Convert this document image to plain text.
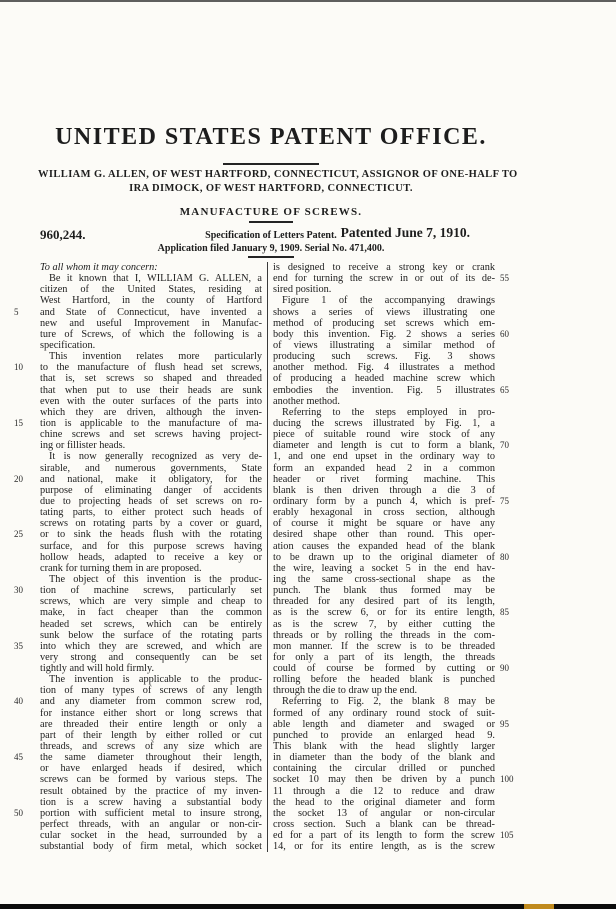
UNITED STATES PATENT OFFICE.
WILLIAM G. ALLEN, OF WEST HARTFORD, CONNECTICUT, ASSIGNOR OF ONE-HALF TO
IRA DIMOCK, OF WEST HARTFORD, CONNECTICUT.
MANUFACTURE OF SCREWS.
960,244.	Specification of Letters Patent. Patented June 7, 1910.
Application filed January 9, 1909. Serial No. 471,400.
To all whom it may concern:
Be it known that I, WILLIAM G. ALLEN, a
citizen of the United States, residing at
West Hartford, in the county of Hartford
5	and State of Connecticut, have invented a
new and useful Improvement in Manufac-
ture of Screws, of which the following is a
specification.
This invention relates more particularly
10	to the manufacture of flush head set screws,
that is, set screws so shaped and threaded
that when put to use their heads are sunk
even with the outer surfaces of the parts into
which they are driven, although the inven-
15	tion is applicable to the manufacture of ma-
chine screws and set screws having project-
ing or fillister heads.
It is now generally recognized as very de-
sirable, and numerous governments, State
20	and national, make it obligatory, for the
purpose of eliminating danger of accidents
due to projecting heads of set screws on ro-
tating parts, to either protect such heads of
screws on rotating parts by a cover or guard,
25	or to sink the heads flush with the rotating
surface, and for this purpose screws having
hollow heads, adapted to receive a key or
crank for turning them in are proposed.
The object of this invention is the produc-
30	tion of machine screws, particularly set
screws, which are very simple and cheap to
make, in fact cheaper than the common
headed set screws, which can be entirely
sunk below the surface of the rotating parts
35	into which they are screwed, and which are
very strong and consequently can be set
tightly and will hold firmly.
The invention is applicable to the produc-
tion of many types of screws of any length
40	and any diameter from common screw rod,
for instance either short or long screws that
are threaded their entire length or only a
part of their length by either rolled or cut
threads, and screws of any size which are
45	the same diameter throughout their length,
or have enlarged heads if desired, which
screws can be formed by various steps. The
result obtained by the practice of my inven-
tion is a screw having a substantial body
50	portion with sufficient metal to insure strong,
perfect threads, with an angular or non-cir-
cular socket in the head, surrounded by a
substantial body of firm metal, which socket
is designed to receive a strong key or crank
55
end for turning the screw in or out of its de-
sired position.
Figure 1 of the accompanying drawings
shows a series of views illustrating one
method of producing set screws which em-
60
body this invention. Fig. 2 shows a series
of views illustrating a similar method of
producing such screws. Fig. 3 shows
another method. Fig. 4 illustrates a method
of producing a headed machine screw which
65
embodies the invention. Fig. 5 illustrates
another method.
Referring to the steps employed in pro-
ducing the screws illustrated by Fig. 1, a
piece of suitable round wire stock of any
70
diameter and length is cut to form a blank,
1, and one end upset in the ordinary way to
form an expanded head 2 in a common
header or rivet forming machine. This
blank is then driven through a die 3 of
75
ordinary form by a punch 4, which is pref-
erably hexagonal in cross section, although
of course it might be square or have any
desired shape other than round. This oper-
ation causes the expanded head of the blank
80
to be drawn up to the original diameter of
the wire, leaving a socket 5 in the end hav-
ing the same cross-sectional shape as the
punch. The blank thus formed may be
threaded for any desired part of its length,
85
as is the screw 6, or for its entire length,
as is the screw 7, by either cutting the
threads or by rolling the threads in the com-
mon manner. If the screw is to be threaded
for only a part of its length, the threads
90
could of course be formed by cutting or
rolling before the headed blank is punched
through the die to draw up the end.
Referring to Fig. 2, the blank 8 may be
formed of any ordinary round stock of suit-
95
able length and diameter and swaged or
punched to provide an enlarged head 9.
This blank with the head slightly larger
in diameter than the body of the blank and
containing the circular drilled or punched
100
socket 10 may then be driven by a punch
11 through a die 12 to reduce and draw
the head to the original diameter and form
the socket 13 of angular or non-circular
cross section. Such a blank can be thread-
105
ed for a part of its length to form the screw
14, or for its entire length, as is the screw
